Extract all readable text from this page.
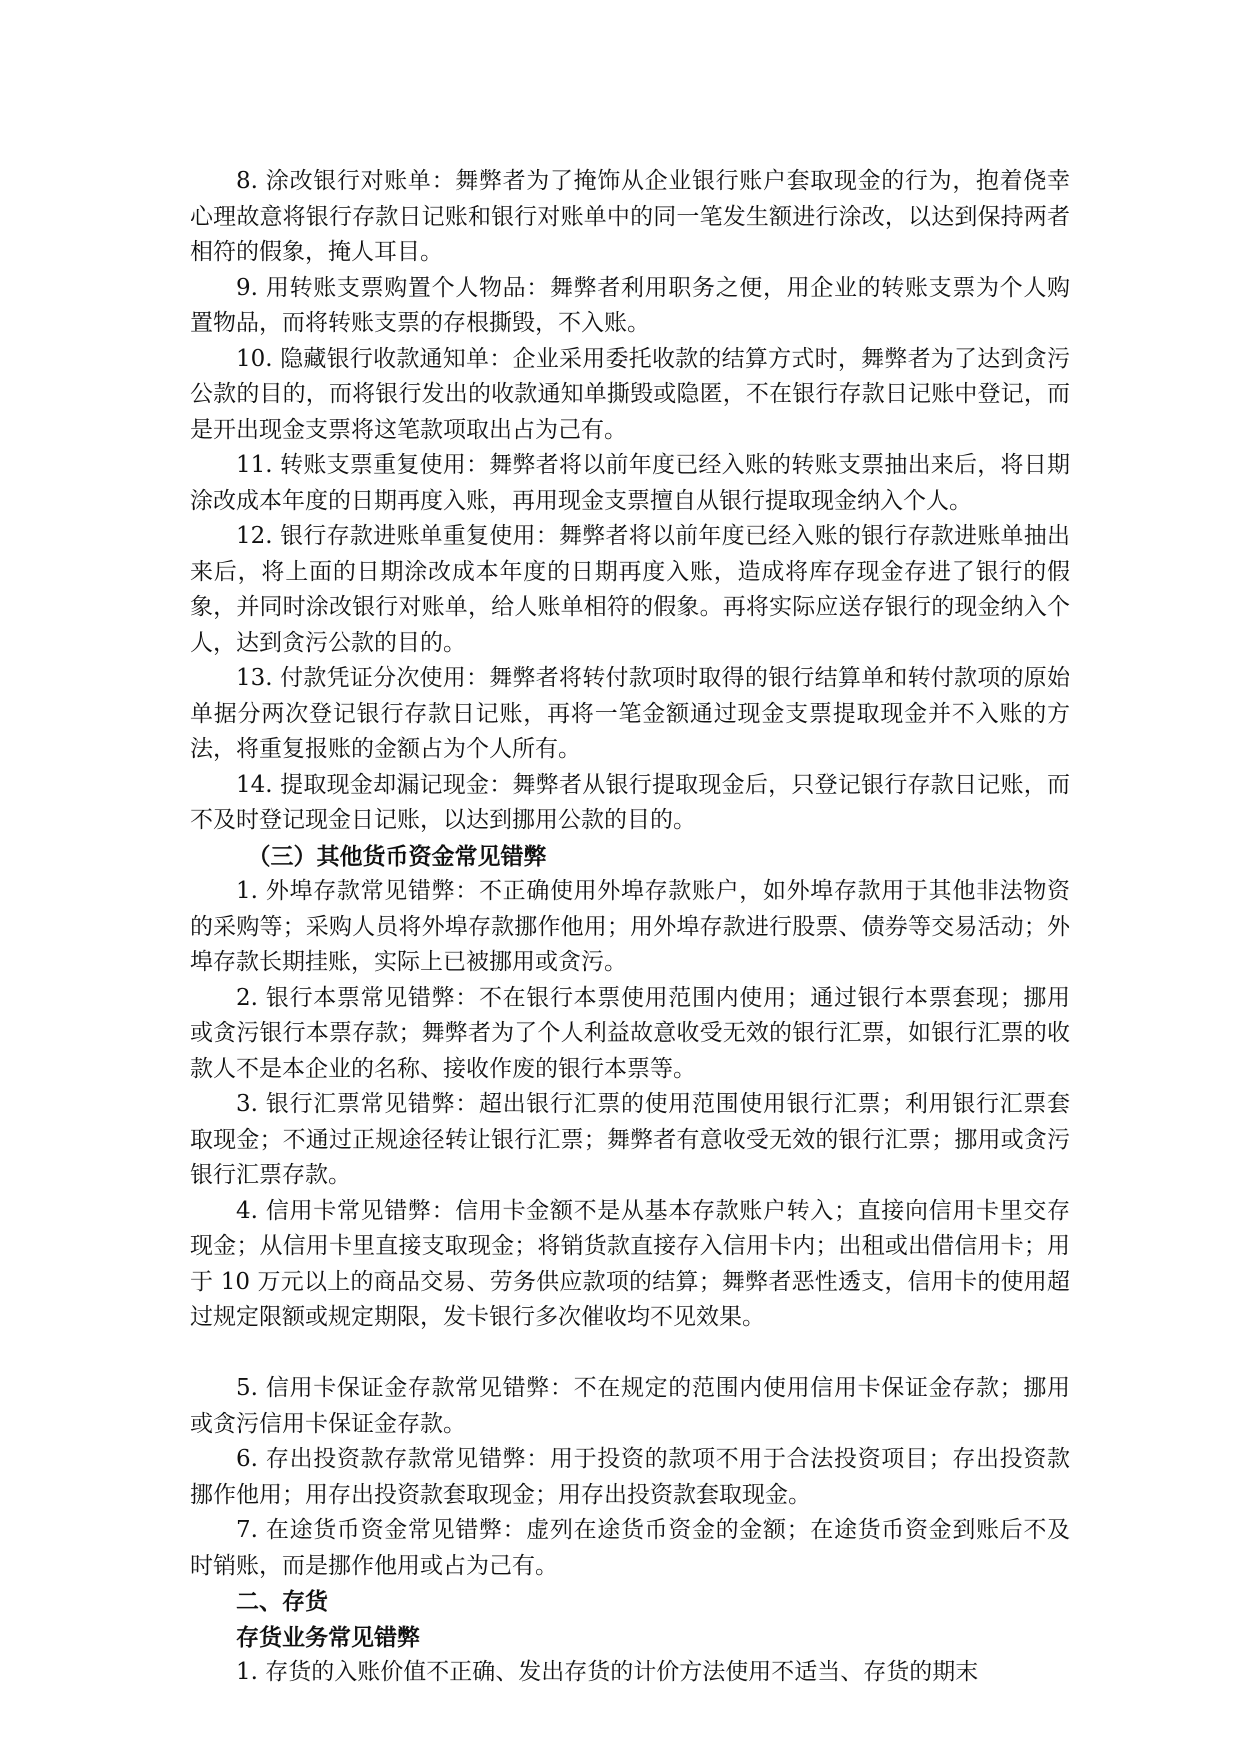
8. 涂改银行对账单：舞弊者为了掩饰从企业银行账户套取现金的行为，抱着侥幸心理故意将银行存款日记账和银行对账单中的同一笔发生额进行涂改，以达到保持两者相符的假象，掩人耳目。

9. 用转账支票购置个人物品：舞弊者利用职务之便，用企业的转账支票为个人购置物品，而将转账支票的存根撕毁，不入账。

10. 隐藏银行收款通知单：企业采用委托收款的结算方式时，舞弊者为了达到贪污公款的目的，而将银行发出的收款通知单撕毁或隐匿，不在银行存款日记账中登记，而是开出现金支票将这笔款项取出占为己有。

11. 转账支票重复使用：舞弊者将以前年度已经入账的转账支票抽出来后，将日期涂改成本年度的日期再度入账，再用现金支票擅自从银行提取现金纳入个人。

12. 银行存款进账单重复使用：舞弊者将以前年度已经入账的银行存款进账单抽出来后，将上面的日期涂改成本年度的日期再度入账，造成将库存现金存进了银行的假象，并同时涂改银行对账单，给人账单相符的假象。再将实际应送存银行的现金纳入个人，达到贪污公款的目的。

13. 付款凭证分次使用：舞弊者将转付款项时取得的银行结算单和转付款项的原始单据分两次登记银行存款日记账，再将一笔金额通过现金支票提取现金并不入账的方法，将重复报账的金额占为个人所有。

14. 提取现金却漏记现金：舞弊者从银行提取现金后，只登记银行存款日记账，而不及时登记现金日记账，以达到挪用公款的目的。

（三）其他货币资金常见错弊

1. 外埠存款常见错弊：不正确使用外埠存款账户，如外埠存款用于其他非法物资的采购等；采购人员将外埠存款挪作他用；用外埠存款进行股票、债券等交易活动；外埠存款长期挂账，实际上已被挪用或贪污。

2. 银行本票常见错弊：不在银行本票使用范围内使用；通过银行本票套现；挪用或贪污银行本票存款；舞弊者为了个人利益故意收受无效的银行汇票，如银行汇票的收款人不是本企业的名称、接收作废的银行本票等。

3. 银行汇票常见错弊：超出银行汇票的使用范围使用银行汇票；利用银行汇票套取现金；不通过正规途径转让银行汇票；舞弊者有意收受无效的银行汇票；挪用或贪污银行汇票存款。

4. 信用卡常见错弊：信用卡金额不是从基本存款账户转入；直接向信用卡里交存现金；从信用卡里直接支取现金；将销货款直接存入信用卡内；出租或出借信用卡；用于 10 万元以上的商品交易、劳务供应款项的结算；舞弊者恶性透支，信用卡的使用超过规定限额或规定期限，发卡银行多次催收均不见效果。

5. 信用卡保证金存款常见错弊：不在规定的范围内使用信用卡保证金存款；挪用或贪污信用卡保证金存款。

6. 存出投资款存款常见错弊：用于投资的款项不用于合法投资项目；存出投资款挪作他用；用存出投资款套取现金；用存出投资款套取现金。

7. 在途货币资金常见错弊：虚列在途货币资金的金额；在途货币资金到账后不及时销账，而是挪作他用或占为己有。

二、存货

存货业务常见错弊

1. 存货的入账价值不正确、发出存货的计价方法使用不适当、存货的期末
